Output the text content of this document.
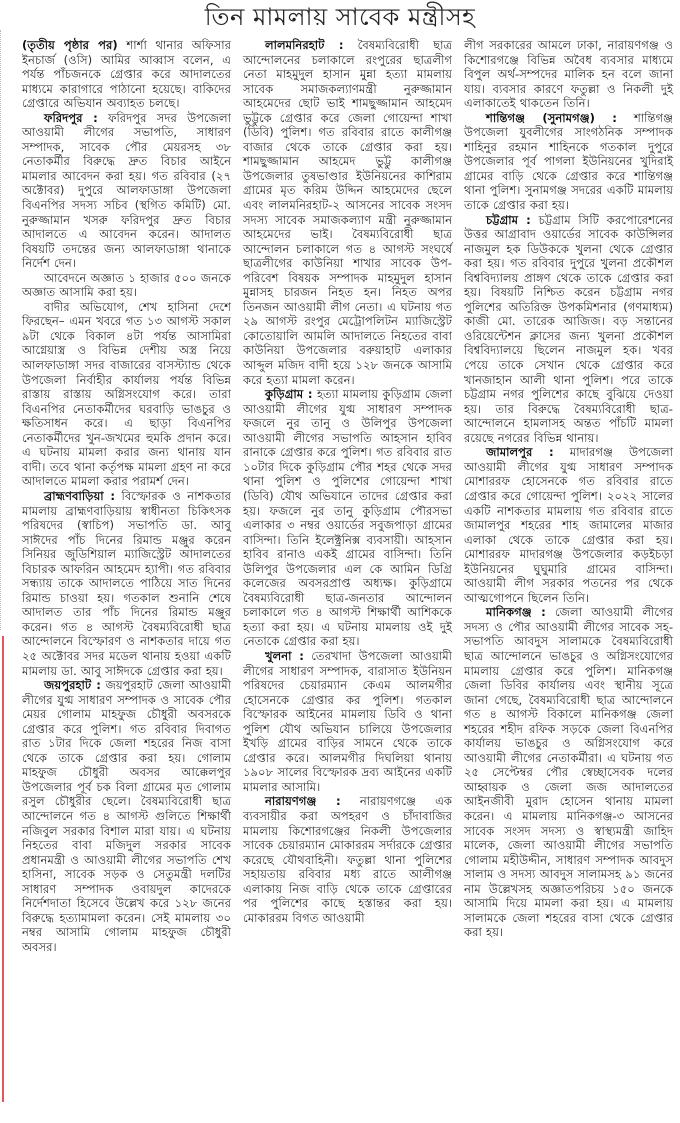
তিন মামলায় সাবেক মন্ত্রীসহ

(তৃতীয় পৃষ্ঠার পর) শার্শা থানার অফিসার ইনচার্জ (ওসি) আমির আব্বাস বলেন, এ পর্যন্ত পাঁচজনকে গ্রেপ্তার করে আদালতের মাধ্যমে কারাগারে পাঠানো হয়েছে। বাকিদের গ্রেপ্তারে অভিযান অব্যাহত চলছে।

ফরিদপুর : ফরিদপুর সদর উপজেলা আওয়ামী লীগের সভাপতি, সাধারণ সম্পাদক, সাবেক পৌর মেয়রসহ ৩৮ নেতাকর্মীর বিরুদ্ধে দ্রুত বিচার আইনে মামলার আবেদন করা হয়। গত রবিবার (২৭ অক্টোবর) দুপুরে আলফাডাঙ্গা উপজেলা বিএনপির সদস্য সচিব (স্থগিত কমিটি) মো. নুরুজ্জামান খসরু ফরিদপুর দ্রুত বিচার আদালতে এ আবেদন করেন। আদালত বিষয়টি তদন্তের জন্য আলফাডাঙ্গা থানাকে নির্দেশ দেন।

আবেদনে অজ্ঞাত ১ হাজার ৫০০ জনকে অজ্ঞাত আসামি করা হয়।

বাদীর অভিযোগ, শেখ হাসিনা দেশে ফিরছেন– এমন খবরে গত ১৩ আগস্ট সকাল ৯টা থেকে বিকাল ৪টা পর্যন্ত আসামিরা আগ্নেয়াস্ত্র ও বিভিন্ন দেশীয় অস্ত্র নিয়ে আলফাডাঙ্গা সদর বাজারের বাসস্ট্যান্ড থেকে উপজেলা নির্বাহীর কার্যালয় পর্যন্ত বিভিন্ন রাস্তায় রাস্তায় অগ্নিসংযোগ করে। তারা বিএনপির নেতাকর্মীদের ঘরবাড়ি ভাঙচুর ও ক্ষতিসাধন করে। এ ছাড়া বিএনপির নেতাকর্মীদের খুন-জখমের হুমকি প্রদান করে। এ ঘটনায় মামলা করার জন্য থানায় যান বাদী। তবে থানা কর্তৃপক্ষ মামলা গ্রহণ না করে আদালতে মামলা করার পরামর্শ দেন।

ব্রাহ্মণবাড়িয়া : বিস্ফোরক ও নাশকতার মামলায় ব্রাহ্মণবাড়িয়ায় স্বাধীনতা চিকিৎসক পরিষদের (স্বাচিপ) সভাপতি ডা. আবু সাঈদের পাঁচ দিনের রিমান্ড মঞ্জুর করেন সিনিয়র জুডিশিয়াল ম্যাজিস্ট্রেট আদালতের বিচারক আফরিন আহমেদ হ্যাপী। গত রবিবার সন্ধ্যায় তাকে আদালতে পাঠিয়ে সাত দিনের রিমান্ড চাওয়া হয়। গতকাল শুনানি শেষে আদালত তার পাঁচ দিনের রিমান্ড মঞ্জুর করেন। গত ৪ আগস্ট বৈষম্যবিরোধী ছাত্র আন্দোলনে বিস্ফোরণ ও নাশকতার দায়ে গত ২৫ অক্টোবর সদর মডেল থানায় হওয়া একটি মামলায় ডা. আবু সাঈদকে গ্রেপ্তার করা হয়।

জয়পুরহাট : জয়পুরহাট জেলা আওয়ামী লীগের যুগ্ম সাধারণ সম্পাদক ও সাবেক পৌর মেয়র গোলাম মাহফুজ চৌধুরী অবসরকে গ্রেপ্তার করে পুলিশ। গত রবিবার দিবাগত রাত ১টার দিকে জেলা শহরের নিজ বাসা থেকে তাকে গ্রেপ্তার করা হয়। গোলাম মাহফুজ চৌধুরী অবসর আক্কেলপুর উপজেলার পূর্ব চক বিলা গ্রামের মৃত গোলাম রসুল চৌধুরীর ছেলে। বৈষম্যবিরোধী ছাত্র আন্দোলনে গত ৪ আগস্ট গুলিতে শিক্ষার্থী নজিবুল সরকার বিশাল মারা যায়। এ ঘটনায় নিহতের বাবা মজিদুল সরকার সাবেক প্রধানমন্ত্রী ও আওয়ামী লীগের সভাপতি শেখ হাসিনা, সাবেক সড়ক ও সেতুমন্ত্রী দলটির সাধারণ সম্পাদক ওবায়দুল কাদেরকে নির্দেশদাতা হিসেবে উল্লেখ করে ১২৮ জনের বিরুদ্ধে হত্যামামলা করেন। সেই মামলায় ৩০ নম্বর আসামি গোলাম মাহফুজ চৌধুরী অবসর।

লালমনিরহাট : বৈষম্যবিরোধী ছাত্র আন্দোলনের চলাকালে রংপুরের ছাত্রলীগ নেতা মাহমুদুল হাসান মুন্না হত্যা মামলায় সাবেক সমাজকল্যাণমন্ত্রী নুরুজ্জামান আহমেদের ছোট ভাই শামছুজ্জামান আহমেদ ভুট্টুকে গ্রেপ্তার করে জেলা গোয়েন্দা শাখা (ডিবি) পুলিশ। গত রবিবার রাতে কালীগঞ্জ বাজার থেকে তাকে গ্রেপ্তার করা হয়। শামছুজ্জামান আহমেদ ভুট্টু কালীগঞ্জ উপজেলার তুষভাণ্ডার ইউনিয়নের কাশিরাম গ্রামের মৃত করিম উদ্দিন আহমেদের ছেলে এবং লালমনিরহাট-২ আসনের সাবেক সংসদ সদস্য সাবেক সমাজকল্যাণ মন্ত্রী নুরুজ্জামান আহমেদের ভাই। বৈষম্যবিরোধী ছাত্র আন্দোলন চলাকালে গত ৪ আগস্ট সংঘর্ষে ছাত্রলীগের কাউনিয়া শাখার সাবেক উপ-পরিবেশ বিষয়ক সম্পাদক মাহমুদুল হাসান মুন্নাসহ চারজন নিহত হন। নিহত অপর তিনজন আওয়ামী লীগ নেতা। এ ঘটনায় গত ২৯ আগস্ট রংপুর মেট্রোপলিটন ম্যাজিস্ট্রেট কোতোয়ালি আমলি আদালতে নিহতের বাবা কাউনিয়া উপজেলার বরুয়াহাট এলাকার আব্দুল মজিদ বাদী হয়ে ১২৮ জনকে আসামি করে হত্যা মামলা করেন।

কুড়িগ্রাম : হত্যা মামলায় কুড়িগ্রাম জেলা আওয়ামী লীগের যুগ্ম সাধারণ সম্পাদক ফজলে নুর তানু ও উলিপুর উপজেলা আওয়ামী লীগের সভাপতি আহসান হাবিব রানাকে গ্রেপ্তার করে পুলিশ। গত রবিবার রাত ১০টার দিকে কুড়িগ্রাম পৌর শহর থেকে সদর থানা পুলিশ ও পুলিশের গোয়েন্দা শাখা (ডিবি) যৌথ অভিযানে তাদের গ্রেপ্তার করা হয়। ফজলে নুর তানু কুড়িগ্রাম পৌরসভা এলাকার ৩ নম্বর ওয়ার্ডের সবুজপাড়া গ্রামের বাসিন্দা। তিনি ইলেক্ট্রনিক্স ব্যবসায়ী। আহসান হাবিব রানাও একই গ্রামের বাসিন্দা। তিনি উলিপুর উপজেলার এল কে আমিন ডিগ্রি কলেজের অবসরপ্রাপ্ত অধ্যক্ষ। কুড়িগ্রামে বৈষম্যবিরোধী ছাত্র-জনতার আন্দোলন চলাকালে গত ৪ আগস্ট শিক্ষার্থী আশিককে হত্যা করা হয়। এ ঘটনায় মামলায় ওই দুই নেতাকে গ্রেপ্তার করা হয়।

খুলনা : তেরখাদা উপজেলা আওয়ামী লীগের সাধারণ সম্পাদক, বারাসাত ইউনিয়ন পরিষদের চেয়ারম্যান কেএম আলমগীর হোসেনকে গ্রেপ্তার কর পুলিশ। গতকাল বিস্ফোরক আইনের মামলায় ডিবি ও থানা পুলিশ যৌথ অভিযান চালিয়ে উপজেলার ইখড়ি গ্রামের বাড়ির সামনে থেকে তাকে গ্রেপ্তার করে। আলমগীর দিঘলিয়া থানায় ১৯০৮ সালের বিস্ফোরক দ্রব্য আইনের একটি মামলার আসামি।

নারায়ণগঞ্জ : নারায়ণগঞ্জে এক ব্যবসায়ীর করা অপহরণ ও চাঁদাবাজির মামলায় কিশোরগঞ্জের নিকলী উপজেলার সাবেক চেয়ারম্যান মোকাররম সর্দারকে গ্রেপ্তার করেছে যৌথবাহিনী। ফতুল্লা থানা পুলিশের সহায়তায় রবিবার মধ্য রাতে আলীগঞ্জ এলাকায় নিজ বাড়ি থেকে তাকে গ্রেপ্তারের পর পুলিশের কাছে হস্তান্তর করা হয়। মোকাররম বিগত আওয়ামী

লীগ সরকারের আমলে ঢাকা, নারায়ণগঞ্জ ও কিশোরগঞ্জে বিভিন্ন অবৈধ ব্যবসার মাধ্যমে বিপুল অর্থ-সম্পদের মালিক হন বলে জানা যায়। ব্যবসার কারণে ফতুল্লা ও নিকলী দুই এলাকাতেই থাকতেন তিনি।

শান্তিগঞ্জ (সুনামগঞ্জ) : শান্তিগঞ্জ উপজেলা যুবলীগের সাংগঠনিক সম্পাদক শাহিনুর রহমান শাহিনকে গতকাল দুপুরে উপজেলার পূর্ব পাগলা ইউনিয়নের খুদিরাই গ্রামের বাড়ি থেকে গ্রেপ্তার করে শান্তিগঞ্জ থানা পুলিশ। সুনামগঞ্জ সদরের একটি মামলায় তাকে গ্রেপ্তার করা হয়।

চট্টগ্রাম : চট্টগ্রাম সিটি করপোরেশনের উত্তর আগ্রাবাদ ওয়ার্ডের সাবেক কাউন্সিলর নাজমুল হক ডিউককে খুলনা থেকে গ্রেপ্তার করা হয়। গত রবিবার দুপুরে খুলনা প্রকৌশল বিশ্ববিদ্যালয় প্রাঙ্গণ থেকে তাকে গ্রেপ্তার করা হয়। বিষয়টি নিশ্চিত করেন চট্টগ্রাম নগর পুলিশের অতিরিক্ত উপকমিশনার (গণমাধ্যম) কাজী মো. তারেক আজিজ। বড় সন্তানের ওরিয়েন্টেশন ক্লাসের জন্য খুলনা প্রকৌশল বিশ্ববিদ্যালয়ে ছিলেন নাজমুল হক। খবর পেয়ে তাকে সেখান থেকে গ্রেপ্তার করে খানজাহান আলী থানা পুলিশ। পরে তাকে চট্টগ্রাম নগর পুলিশের কাছে বুঝিয়ে দেওয়া হয়। তার বিরুদ্ধে বৈষম্যবিরোধী ছাত্র-আন্দোলনে হামলাসহ অন্তত পাঁচটি মামলা রয়েছে নগরের বিভিন্ন থানায়।

জামালপুর : মাদারগঞ্জ উপজেলা আওয়ামী লীগের যুগ্ম সাধারণ সম্পাদক মোশাররফ হোসেনকে গত রবিবার রাতে গ্রেপ্তার করে গোয়েন্দা পুলিশ। ২০২২ সালের একটি নাশকতার মামলায় গত রবিবার রাতে জামালপুর শহরের শাহ জামালের মাজার এলাকা থেকে তাকে গ্রেপ্তার করা হয়। মোশাররফ মাদারগঞ্জ উপজেলার কড়ইচড়া ইউনিয়নের ঘুঘুমারি গ্রামের বাসিন্দা। আওয়ামী লীগ সরকার পতনের পর থেকে আত্মগোপনে ছিলেন তিনি।

মানিকগঞ্জ : জেলা আওয়ামী লীগের সদস্য ও পৌর আওয়ামী লীগের সাবেক সহ-সভাপতি আবদুস সালামকে বৈষম্যবিরোধী ছাত্র আন্দোলনে ভাঙচুর ও অগ্নিসংযোগের মামলায় গ্রেপ্তার করে পুলিশ। মানিকগঞ্জ জেলা ডিবির কার্যালয় এবং স্থানীয় সূত্রে জানা গেছে, বৈষম্যবিরোধী ছাত্র আন্দোলনে গত ৪ আগস্ট বিকালে মানিকগঞ্জ জেলা শহরের শহীদ রফিক সড়কে জেলা বিএনপির কার্যালয় ভাঙচুর ও অগ্নিসংযোগ করে আওয়ামী লীগের নেতাকর্মীরা। এ ঘটনায় গত ২৫ সেপ্টেম্বর পৌর স্বেচ্ছাসেবক দলের আহ্বায়ক ও জেলা জজ আদালতের আইনজীবী মুরাদ হোসেন থানায় মামলা করেন। এ মামলায় মানিকগঞ্জ-৩ আসনের সাবেক সংসদ সদস্য ও স্বাস্থ্যমন্ত্রী জাহিদ মালেক, জেলা আওয়ামী লীগের সভাপতি গোলাম মহীউদ্দীন, সাধারণ সম্পাদক আবদুস সালাম ও সদস্য আবদুস সালামসহ ৯১ জনের নাম উল্লেখসহ অজ্ঞাতপরিচয় ১৫০ জনকে আসামি দিয়ে মামলা করা হয়। এ মামলায় সালামকে জেলা শহরের বাসা থেকে গ্রেপ্তার করা হয়।
